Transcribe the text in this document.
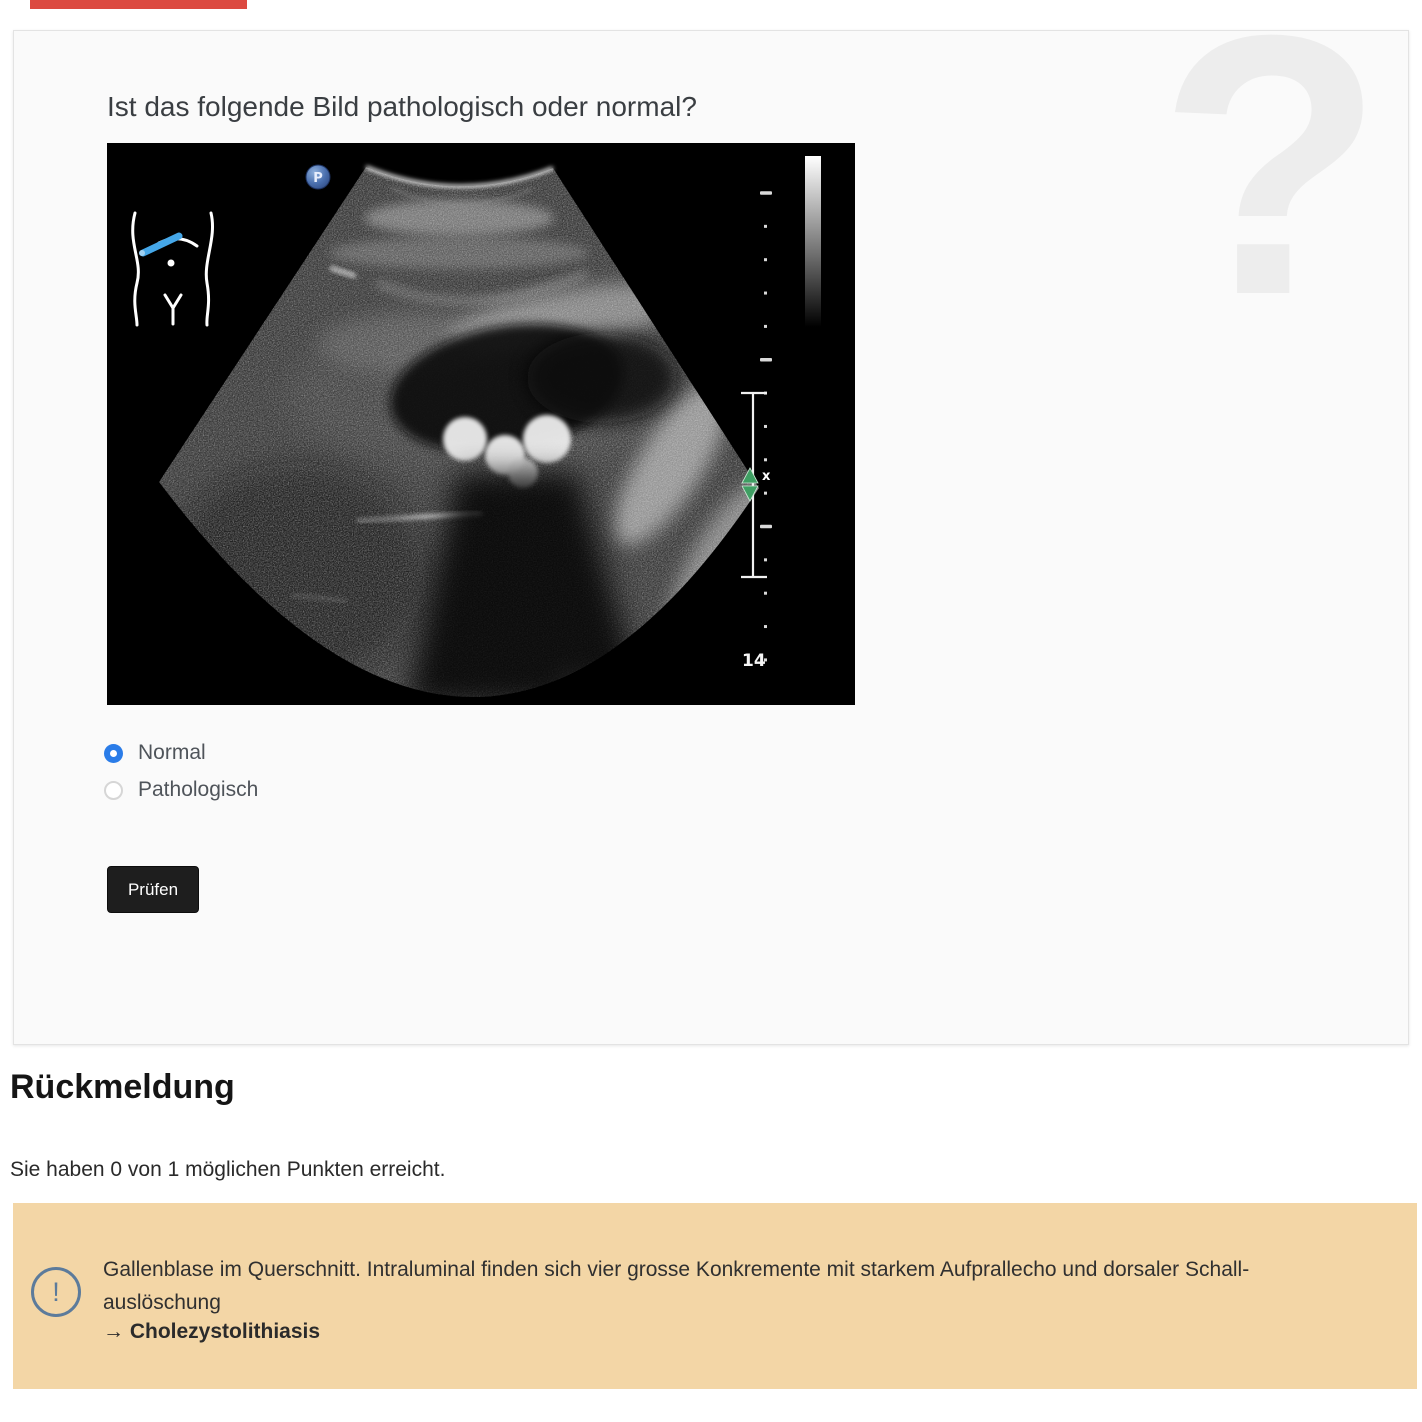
?
Ist das folgende Bild pathologisch oder normal?
P
x
14
Normal
Pathologisch
Prüfen
Rückmeldung
Sie haben 0 von 1 möglichen Punkten erreicht.
!
Gallenblase im Querschnitt. Intraluminal finden sich vier grosse Konkremente mit starkem Aufprallecho und dorsaler Schall-
auslöschung
→ Cholezystolithiasis
